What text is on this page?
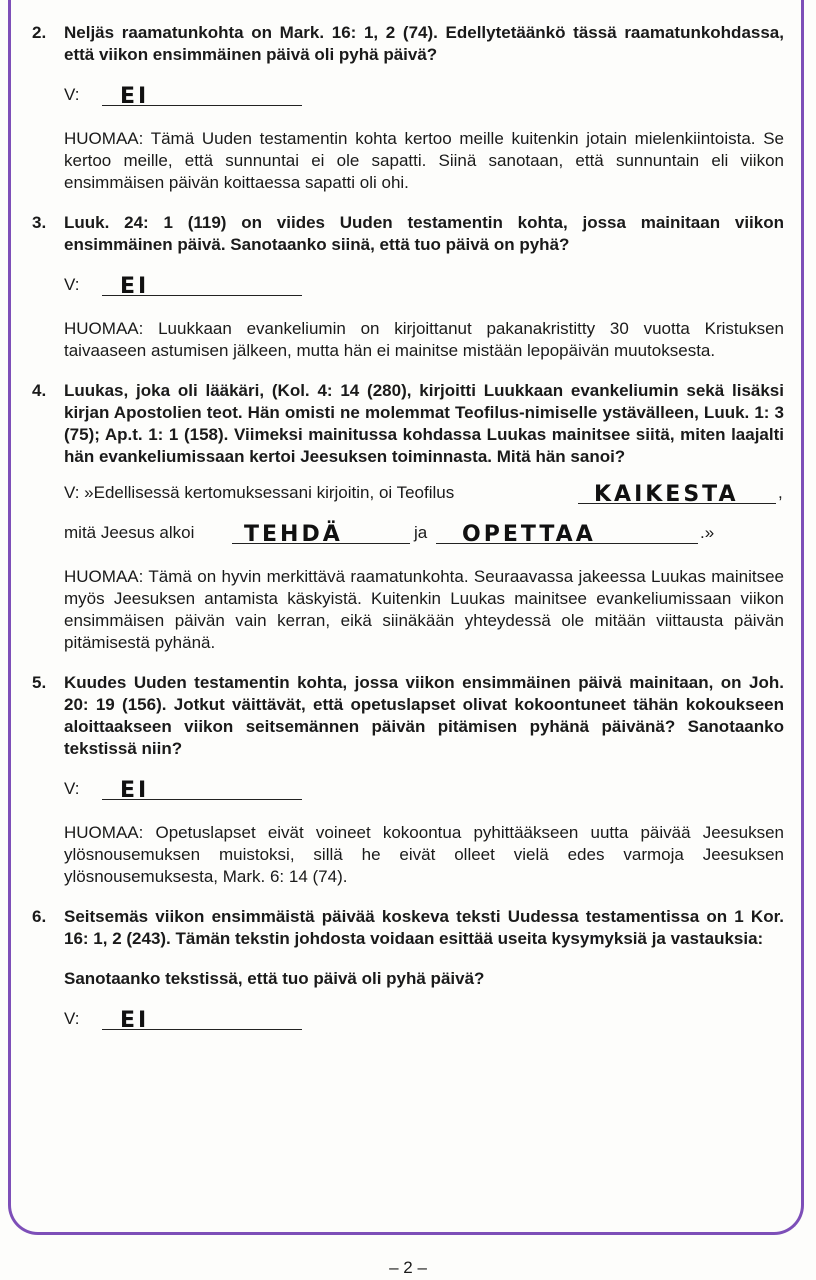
2. Neljäs raamatunkohta on Mark. 16: 1, 2 (74). Edellytetäänkö tässä raamatunkohdassa, että viikon ensimmäinen päivä oli pyhä päivä?
V: EI
HUOMAA: Tämä Uuden testamentin kohta kertoo meille kuitenkin jotain mielenkiintoista. Se kertoo meille, että sunnuntai ei ole sapatti. Siinä sanotaan, että sunnuntain eli viikon ensimmäisen päivän koittaessa sapatti oli ohi.
3. Luuk. 24: 1 (119) on viides Uuden testamentin kohta, jossa mainitaan viikon ensimmäinen päivä. Sanotaanko siinä, että tuo päivä on pyhä?
V: EI
HUOMAA: Luukkaan evankeliumin on kirjoittanut pakanakristitty 30 vuotta Kristuksen taivaaseen astumisen jälkeen, mutta hän ei mainitse mistään lepopäivän muutoksesta.
4. Luukas, joka oli lääkäri, (Kol. 4: 14 (280), kirjoitti Luukkaan evankeliumin sekä lisäksi kirjan Apostolien teot. Hän omisti ne molemmat Teofilus-nimiselle ystävälleen, Luuk. 1: 3 (75); Ap.t. 1: 1 (158). Viimeksi mainitussa kohdassa Luukas mainitsee siitä, miten laajalti hän evankeliumissaan kertoi Jeesuksen toiminnasta. Mitä hän sanoi?
V: »Edellisessä kertomuksessani kirjoitin, oi Teofilus	KAIKESTA ,
mitä Jeesus alkoi TEHDÄ	ja OPETTAA	.»
HUOMAA: Tämä on hyvin merkittävä raamatunkohta. Seuraavassa jakeessa Luukas mainitsee myös Jeesuksen antamista käskyistä. Kuitenkin Luukas mainitsee evankeliumissaan viikon ensimmäisen päivän vain kerran, eikä siinäkään yhteydessä ole mitään viittausta päivän pitämisestä pyhänä.
5. Kuudes Uuden testamentin kohta, jossa viikon ensimmäinen päivä mainitaan, on Joh. 20: 19 (156). Jotkut väittävät, että opetuslapset olivat kokoontuneet tähän kokoukseen aloittaakseen viikon seitsemännen päivän pitämisen pyhänä päivänä? Sanotaanko tekstissä niin?
V: EI
HUOMAA: Opetuslapset eivät voineet kokoontua pyhittääkseen uutta päivää Jeesuksen ylösnousemuksen muistoksi, sillä he eivät olleet vielä edes varmoja Jeesuksen ylösnousemuksesta, Mark. 6: 14 (74).
6. Seitsemäs viikon ensimmäistä päivää koskeva teksti Uudessa testamentissa on 1 Kor. 16: 1, 2 (243). Tämän tekstin johdosta voidaan esittää useita kysymyksiä ja vastauksia:
Sanotaanko tekstissä, että tuo päivä oli pyhä päivä?
V: EI
– 2 –
